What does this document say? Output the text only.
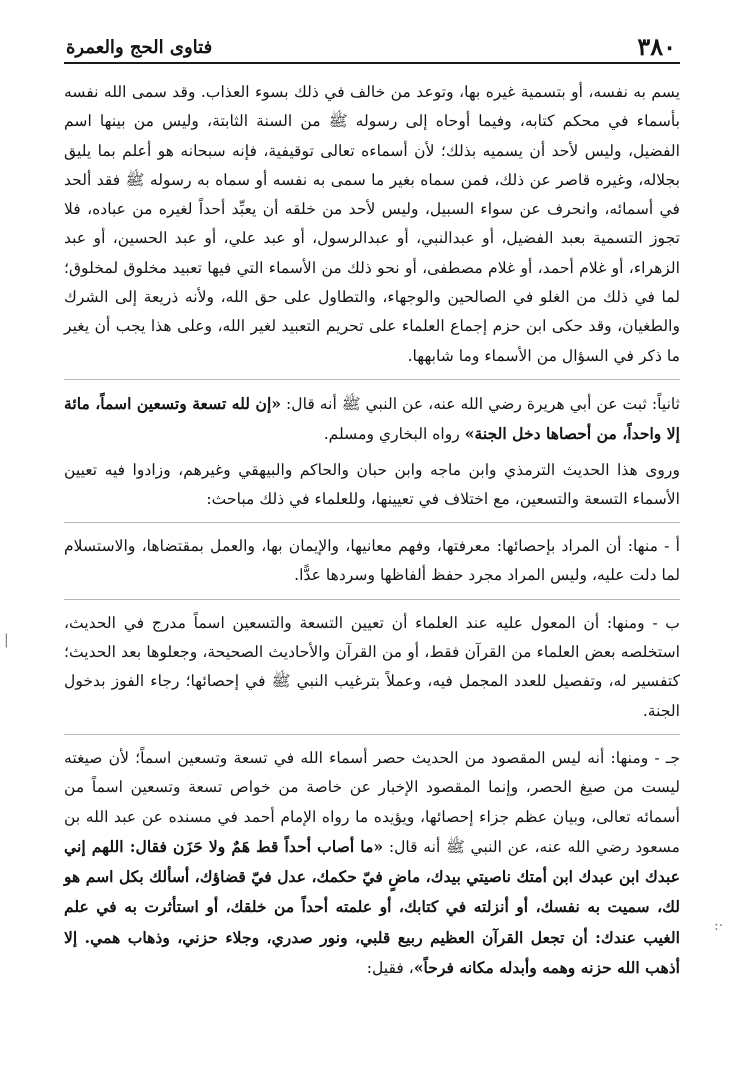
٣٨٠
فتاوى الحج والعمرة

يسم به نفسه، أو بتسمية غيره بها، وتوعد من خالف في ذلك بسوء العذاب. وقد سمى الله نفسه بأسماء في محكم كتابه، وفيما أوحاه إلى رسوله ﷺ من السنة الثابتة، وليس من بينها اسم الفضيل، وليس لأحد أن يسميه بذلك؛ لأن أسماءه تعالى توقيفية، فإنه سبحانه هو أعلم بما يليق بجلاله، وغيره قاصر عن ذلك، فمن سماه بغير ما سمى به نفسه أو سماه به رسوله ﷺ فقد ألحد في أسمائه، وانحرف عن سواء السبيل، وليس لأحد من خلقه أن يعبِّد أحداً لغيره من عباده، فلا تجوز التسمية بعبد الفضيل، أو عبدالنبي، أو عبدالرسول، أو عبد علي، أو عبد الحسين، أو عبد الزهراء، أو غلام أحمد، أو غلام مصطفى، أو نحو ذلك من الأسماء التي فيها تعبيد مخلوق لمخلوق؛ لما في ذلك من الغلو في الصالحين والوجهاء، والتطاول على حق الله، ولأنه ذريعة إلى الشرك والطغيان، وقد حكى ابن حزم إجماع العلماء على تحريم التعبيد لغير الله، وعلى هذا يجب أن يغير ما ذكر في السؤال من الأسماء وما شابهها.

ثانياً: ثبت عن أبي هريرة رضي الله عنه، عن النبي ﷺ أنه قال: «إن لله تسعة وتسعين اسماً، مائة إلا واحداً، من أحصاها دخل الجنة» رواه البخاري ومسلم.

وروى هذا الحديث الترمذي وابن ماجه وابن حبان والحاكم والبيهقي وغيرهم، وزادوا فيه تعيين الأسماء التسعة والتسعين، مع اختلاف في تعيينها، وللعلماء في ذلك مباحث:

أ - منها: أن المراد بإحصائها: معرفتها، وفهم معانيها، والإيمان بها، والعمل بمقتضاها، والاستسلام لما دلت عليه، وليس المراد مجرد حفظ ألفاظها وسردها عدًّا.

ب - ومنها: أن المعول عليه عند العلماء أن تعيين التسعة والتسعين اسماً مدرج في الحديث، استخلصه بعض العلماء من القرآن فقط، أو من القرآن والأحاديث الصحيحة، وجعلوها بعد الحديث؛ كتفسير له، وتفصيل للعدد المجمل فيه، وعملاً بترغيب النبي ﷺ في إحصائها؛ رجاء الفوز بدخول الجنة.

جـ - ومنها: أنه ليس المقصود من الحديث حصر أسماء الله في تسعة وتسعين اسماً؛ لأن صيغته ليست من صيغ الحصر، وإنما المقصود الإخبار عن خاصة من خواص تسعة وتسعين اسماً من أسمائه تعالى، وبيان عظم جزاء إحصائها، ويؤيده ما رواه الإمام أحمد في مسنده عن عبد الله بن مسعود رضي الله عنه، عن النبي ﷺ أنه قال: «ما أصاب أحداً قط هَمٌ ولا حَزَن فقال: اللهم إني عبدك ابن عبدك ابن أمتك ناصيتي بيدك، ماضٍ فيّ حكمك، عدل فيّ قضاؤك، أسألك بكل اسم هو لك، سميت به نفسك، أو أنزلته في كتابك، أو علمته أحداً من خلقك، أو استأثرت به في علم الغيب عندك: أن تجعل القرآن العظيم ربيع قلبي، ونور صدري، وجلاء حزني، وذهاب همي. إلا أذهب الله حزنه وهمه وأبدله مكانه فرحاً»، فقيل:

|
·:
